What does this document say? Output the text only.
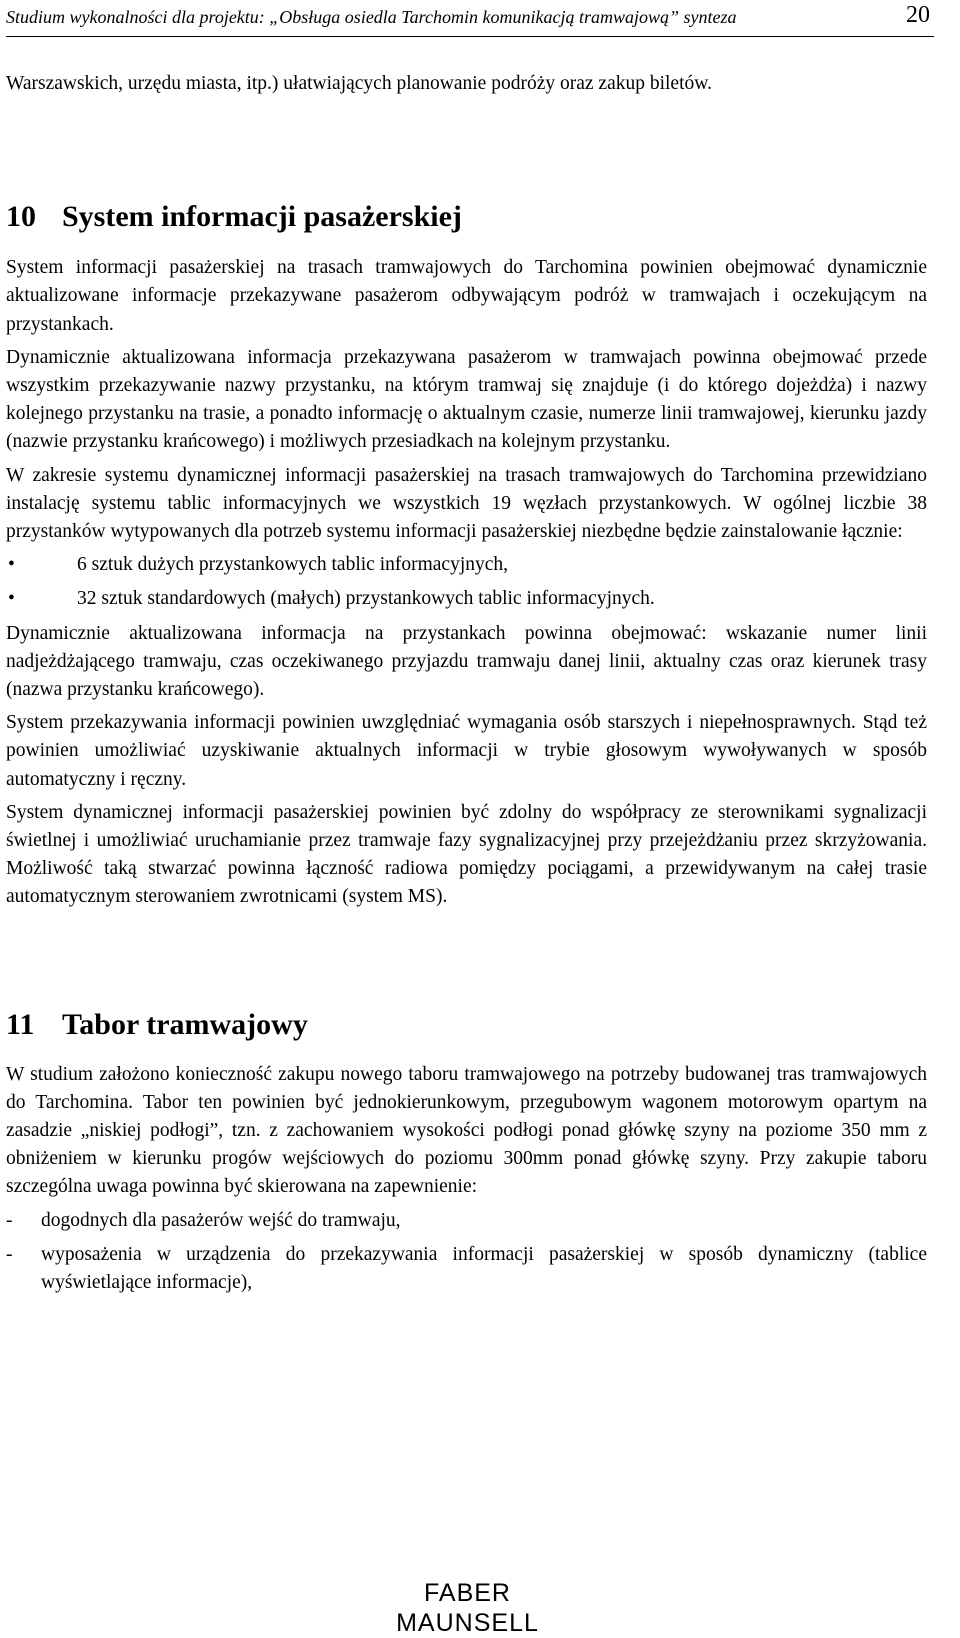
Studium wykonalności dla projektu: „Obsługa osiedla Tarchomin komunikacją tramwajową” synteza	20

Warszawskich, urzędu miasta, itp.) ułatwiających planowanie podróży oraz zakup biletów.

10 System informacji pasażerskiej

System informacji pasażerskiej na trasach tramwajowych do Tarchomina powinien obejmować dynamicznie aktualizowane informacje przekazywane pasażerom odbywającym podróż w tramwajach i oczekującym na przystankach.

Dynamicznie aktualizowana informacja przekazywana pasażerom w tramwajach powinna obejmować przede wszystkim przekazywanie nazwy przystanku, na którym tramwaj się znajduje (i do którego dojeżdża) i nazwy kolejnego przystanku na trasie, a ponadto informację o aktualnym czasie, numerze linii tramwajowej, kierunku jazdy (nazwie przystanku krańcowego) i możliwych przesiadkach na kolejnym przystanku.

W zakresie systemu dynamicznej informacji pasażerskiej na trasach tramwajowych do Tarchomina przewidziano instalację systemu tablic informacyjnych we wszystkich 19 węzłach przystankowych. W ogólnej liczbie 38 przystanków wytypowanych dla potrzeb systemu informacji pasażerskiej niezbędne będzie zainstalowanie łącznie:

•	6 sztuk dużych przystankowych tablic informacyjnych,
•	32 sztuk standardowych (małych) przystankowych tablic informacyjnych.

Dynamicznie aktualizowana informacja na przystankach powinna obejmować: wskazanie numer linii nadjeżdżającego tramwaju, czas oczekiwanego przyjazdu tramwaju danej linii, aktualny czas oraz kierunek trasy (nazwa przystanku krańcowego).

System przekazywania informacji powinien uwzględniać wymagania osób starszych i niepełnosprawnych. Stąd też powinien umożliwiać uzyskiwanie aktualnych informacji w trybie głosowym wywoływanych w sposób automatyczny i ręczny.

System dynamicznej informacji pasażerskiej powinien być zdolny do współpracy ze sterownikami sygnalizacji świetlnej i umożliwiać uruchamianie przez tramwaje fazy sygnalizacyjnej przy przejeżdżaniu przez skrzyżowania. Możliwość taką stwarzać powinna łączność radiowa pomiędzy pociągami, a przewidywanym na całej trasie automatycznym sterowaniem zwrotnicami (system MS).

11 Tabor tramwajowy

W studium założono konieczność zakupu nowego taboru tramwajowego na potrzeby budowanej tras tramwajowych do Tarchomina. Tabor ten powinien być jednokierunkowym, przegubowym wagonem motorowym opartym na zasadzie „niskiej podłogi”, tzn. z zachowaniem wysokości podłogi ponad główkę szyny na poziome 350 mm z obniżeniem w kierunku progów wejściowych do poziomu 300mm ponad główkę szyny. Przy zakupie taboru szczególna uwaga powinna być skierowana na zapewnienie:

-	dogodnych dla pasażerów wejść do tramwaju,
-	wyposażenia w urządzenia do przekazywania informacji pasażerskiej w sposób dynamiczny (tablice wyświetlające informacje),
FABER MAUNSELL
